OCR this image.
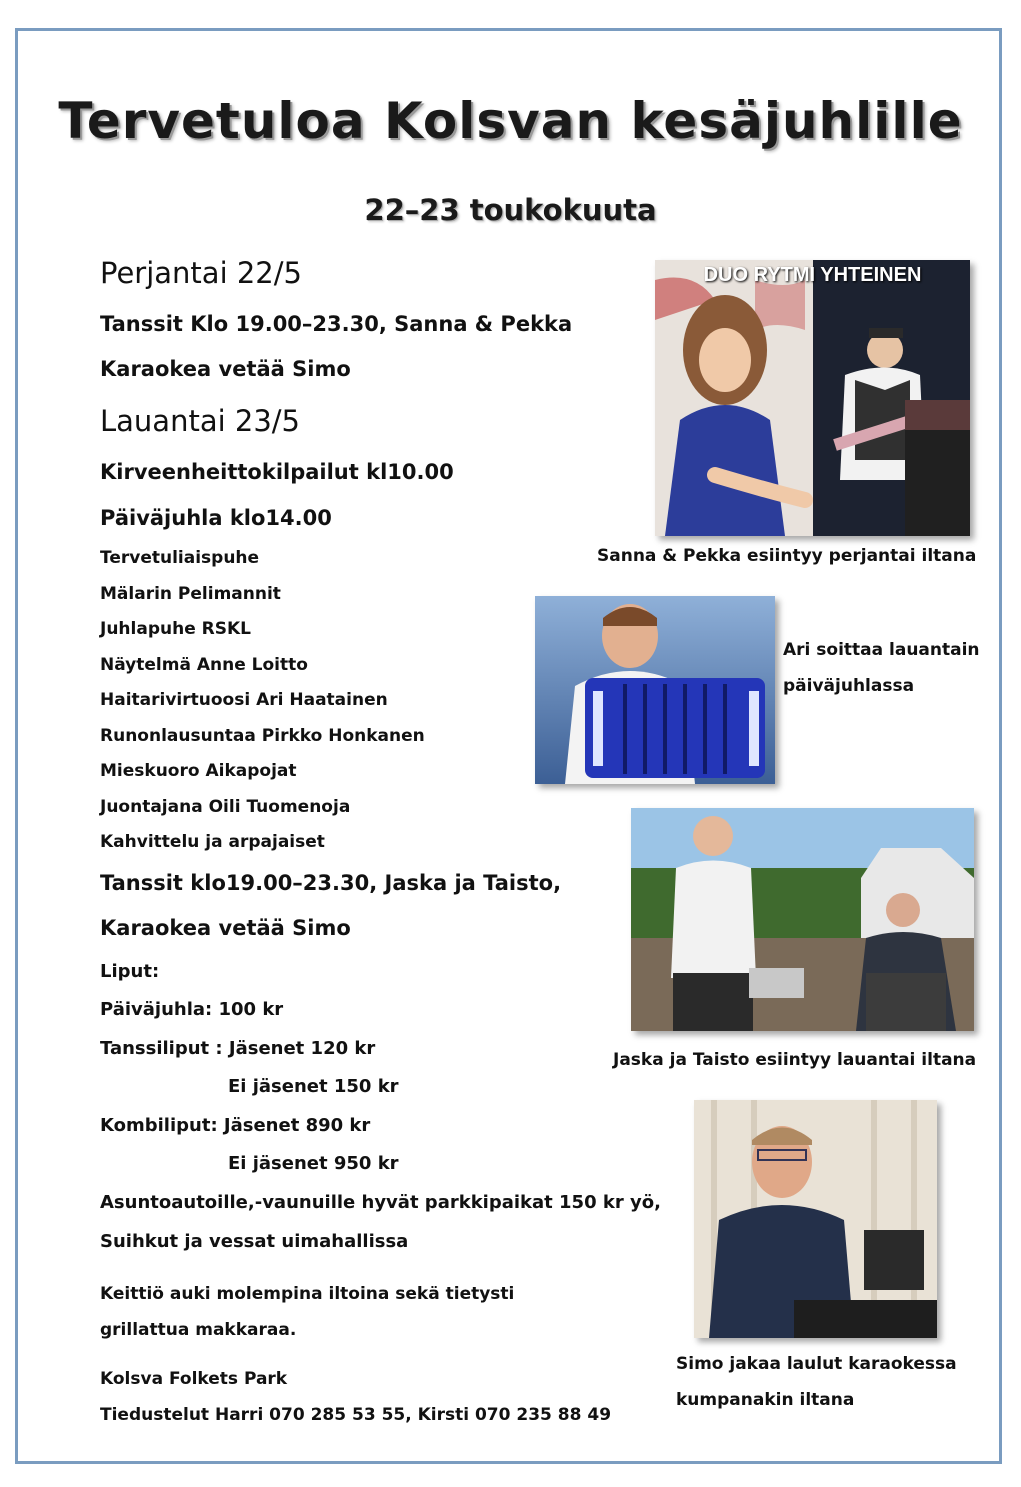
Tervetuloa Kolsvan kesäjuhlille
22–23 toukokuuta
Perjantai 22/5
Tanssit Klo 19.00–23.30, Sanna & Pekka
Karaokea vetää Simo
Lauantai 23/5
Kirveenheittokilpailut kl10.00
Päiväjuhla klo14.00
Tervetuliaispuhe
Mälarin Pelimannit
Juhlapuhe RSKL
Näytelmä Anne Loitto
Haitarivirtuoosi Ari Haatainen
Runonlausuntaa Pirkko Honkanen
Mieskuoro Aikapojat
Juontajana Oili Tuomenoja
Kahvittelu ja arpajaiset
Tanssit klo19.00–23.30, Jaska ja Taisto,
Karaokea vetää Simo
Liput:
Päiväjuhla: 100 kr
Tanssiliput : Jäsenet 120 kr
Ei jäsenet 150 kr
Kombiliput: Jäsenet 890 kr
Ei jäsenet 950 kr
Asuntoautoille,-vaunuille hyvät parkkipaikat 150 kr yö,
Suihkut ja vessat uimahallissa
Keittiö auki molempina iltoina sekä tietysti
grillattua makkaraa.
Kolsva Folkets Park
Tiedustelut Harri 070 285 53 55, Kirsti 070 235 88 49
DUO RYTMI YHTEINEN
Sanna & Pekka esiintyy perjantai iltana
Ari soittaa lauantain
päiväjuhlassa
Jaska ja Taisto esiintyy lauantai iltana
Simo jakaa laulut karaokessa
kumpanakin iltana
